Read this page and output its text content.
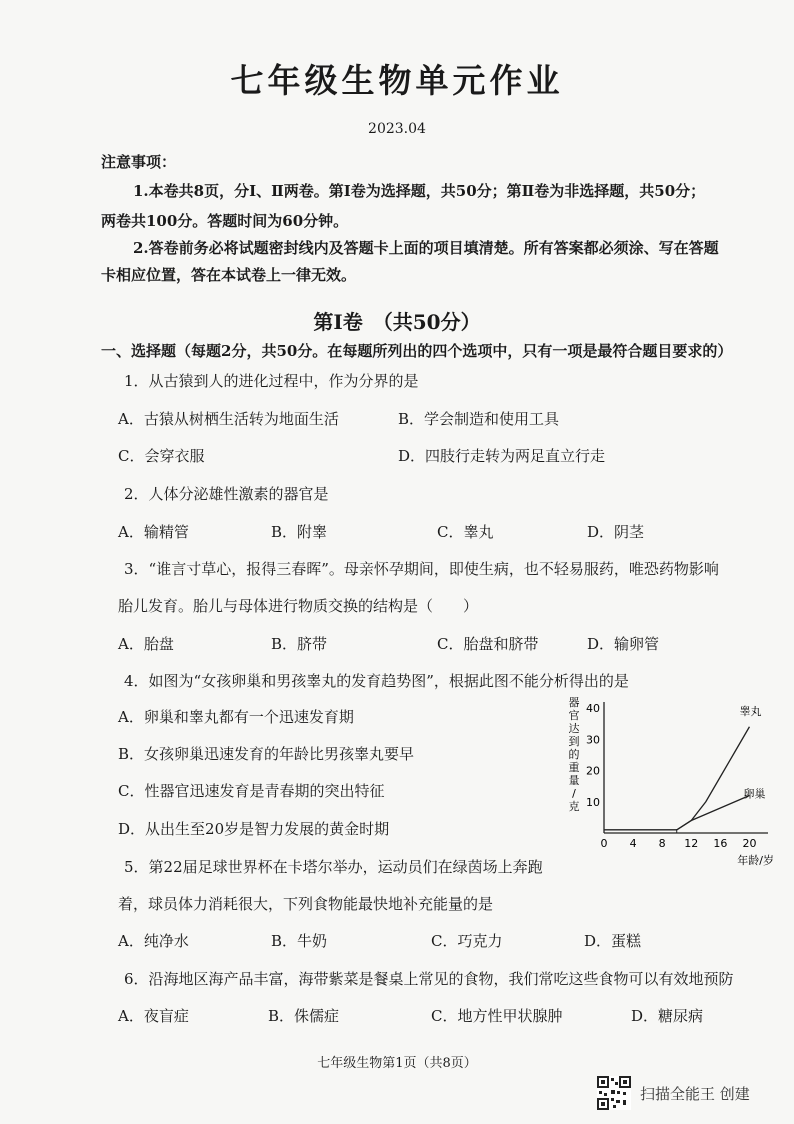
七年级生物单元作业
2023.04
注意事项：
1.本卷共8页，分Ⅰ、Ⅱ两卷。第Ⅰ卷为选择题，共50分；第Ⅱ卷为非选择题，共50分；
两卷共100分。答题时间为60分钟。
2.答卷前务必将试题密封线内及答题卡上面的项目填清楚。所有答案都必须涂、写在答题
卡相应位置，答在本试卷上一律无效。
第Ⅰ卷　（共50分）
一、选择题（每题2分，共50分。在每题所列出的四个选项中，只有一项是最符合题目要求的）
1．从古猿到人的进化过程中，作为分界的是
A．古猿从树栖生活转为地面生活	B．学会制造和使用工具
C．会穿衣服	D．四肢行走转为两足直立行走
2．人体分泌雄性激素的器官是
A．输精管	B．附睾	C．睾丸	D．阴茎
3．“谁言寸草心，报得三春晖”。母亲怀孕期间，即使生病，也不轻易服药，唯恐药物影响
胎儿发育。胎儿与母体进行物质交换的结构是（　　）
A．胎盘	B．脐带	C．胎盘和脐带	D．输卵管
4．如图为“女孩卵巢和男孩睾丸的发育趋势图”，根据此图不能分析得出的是
A．卵巢和睾丸都有一个迅速发育期
B．女孩卵巢迅速发育的年龄比男孩睾丸要早
C．性器官迅速发育是青春期的突出特征
D．从出生至20岁是智力发展的黄金时期
器官达到的重量/克
0 4 8 12 16 20
10
20
30
40	睾丸
卵巢
年龄/岁
5．第22届足球世界杯在卡塔尔举办，运动员们在绿茵场上奔跑
着，球员体力消耗很大，下列食物能最快地补充能量的是
A．纯净水	B．牛奶	C．巧克力	D．蛋糕
6．沿海地区海产品丰富，海带紫菜是餐桌上常见的食物，我们常吃这些食物可以有效地预防
A．夜盲症	B．侏儒症	C．地方性甲状腺肿	D．糖尿病
七年级生物第1页（共8页）
扫描全能王 创建
